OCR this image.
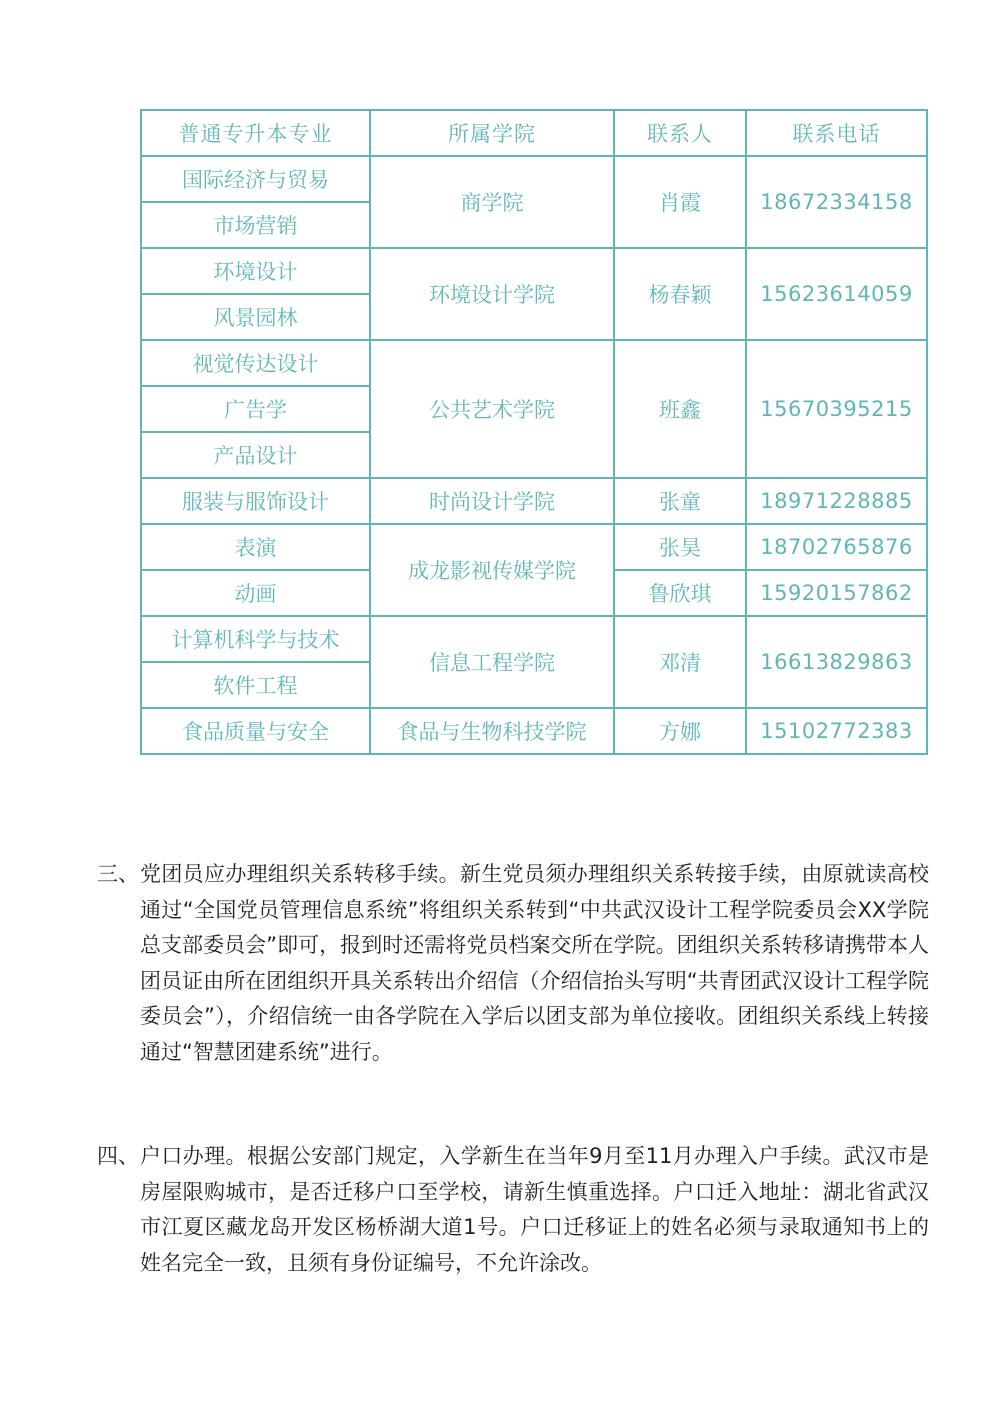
普通专升本专业	所属学院	联系人	联系电话
国际经济与贸易	商学院	肖霞	18672334158
市场营销			
环境设计	环境设计学院	杨春颖	15623614059
风景园林			
视觉传达设计	公共艺术学院	班鑫	15670395215
广告学			
产品设计			
服装与服饰设计	时尚设计学院	张童	18971228885
表演	成龙影视传媒学院	张昊	18702765876
动画		鲁欣琪	15920157862
计算机科学与技术	信息工程学院	邓清	16613829863
软件工程			
食品质量与安全	食品与生物科技学院	方娜	15102772383
三、 党团员应办理组织关系转移手续。新生党员须办理组织关系转接手续，由原就读高校通过“全国党员管理信息系统”将组织关系转到“中共武汉设计工程学院委员会XX学院总支部委员会”即可，报到时还需将党员档案交所在学院。团组织关系转移请携带本人团员证由所在团组织开具关系转出介绍信（介绍信抬头写明“共青团武汉设计工程学院委员会”），介绍信统一由各学院在入学后以团支部为单位接收。团组织关系线上转接通过“智慧团建系统”进行。
四、 户口办理。根据公安部门规定，入学新生在当年9月至11月办理入户手续。武汉市是房屋限购城市，是否迁移户口至学校，请新生慎重选择。户口迁入地址：湖北省武汉市江夏区藏龙岛开发区杨桥湖大道1号。户口迁移证上的姓名必须与录取通知书上的姓名完全一致，且须有身份证编号，不允许涂改。
